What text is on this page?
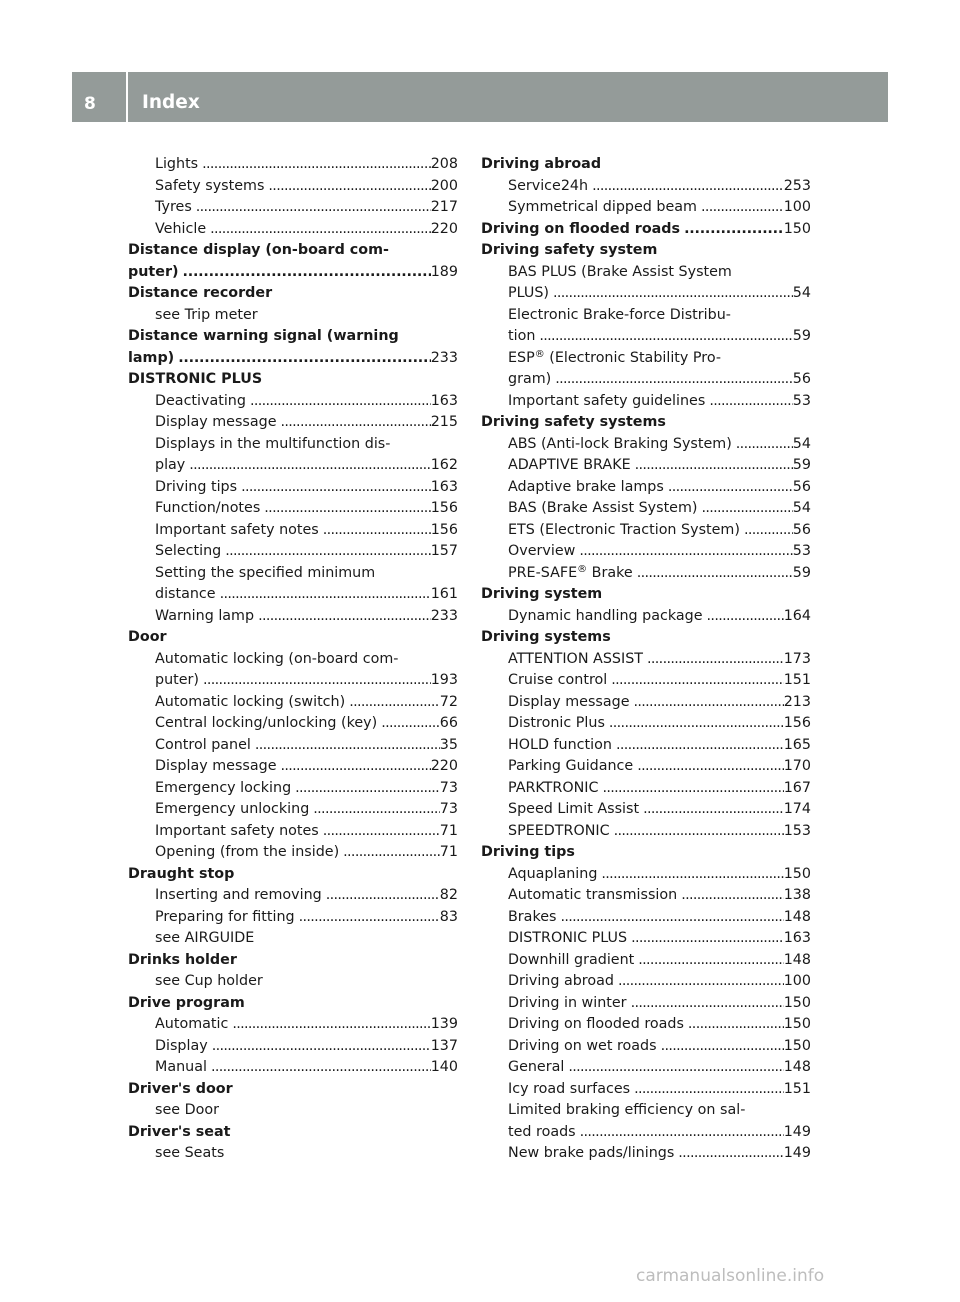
8	Index
Lights . . .	208
Safety systems . . .	200
Tyres . . .	217
Vehicle . . .	220
Distance display (on-board com-
puter) . . .	189
Distance recorder
see Trip meter
Distance warning signal (warning
lamp) . . .	233
DISTRONIC PLUS
Deactivating . . .	163
Display message . . .	215
Displays in the multifunction dis-
play . . .	162
Driving tips . . .	163
Function/notes . . .	156
Important safety notes . . .	156
Selecting . . .	157
Setting the specified minimum
distance . . .	161
Warning lamp . . .	233
Door
Automatic locking (on-board com-
puter) . . .	193
Automatic locking (switch) . . .	72
Central locking/unlocking (key) . . .	66
Control panel . . .	35
Display message . . .	220
Emergency locking . . .	73
Emergency unlocking . . .	73
Important safety notes . . .	71
Opening (from the inside) . . .	71
Draught stop
Inserting and removing . . .	82
Preparing for fitting . . .	83
see AIRGUIDE
Drinks holder
see Cup holder
Drive program
Automatic . . .	139
Display . . .	137
Manual . . .	140
Driver's door
see Door
Driver's seat
see Seats
Driving abroad
Service24h . . .	253
Symmetrical dipped beam . . .	100
Driving on flooded roads . . .	150
Driving safety system
BAS PLUS (Brake Assist System
PLUS) . . .	54
Electronic Brake-force Distribu-
tion . . .	59
ESP® (Electronic Stability Pro-
gram) . . .	56
Important safety guidelines . . .	53
Driving safety systems
ABS (Anti-lock Braking System) . . .	54
ADAPTIVE BRAKE . . .	59
Adaptive brake lamps . . .	56
BAS (Brake Assist System) . . .	54
ETS (Electronic Traction System) . . .	56
Overview . . .	53
PRE-SAFE® Brake . . .	59
Driving system
Dynamic handling package . . .	164
Driving systems
ATTENTION ASSIST . . .	173
Cruise control . . .	151
Display message . . .	213
Distronic Plus . . .	156
HOLD function . . .	165
Parking Guidance . . .	170
PARKTRONIC . . .	167
Speed Limit Assist . . .	174
SPEEDTRONIC . . .	153
Driving tips
Aquaplaning . . .	150
Automatic transmission . . .	138
Brakes . . .	148
DISTRONIC PLUS . . .	163
Downhill gradient . . .	148
Driving abroad . . .	100
Driving in winter . . .	150
Driving on flooded roads . . .	150
Driving on wet roads . . .	150
General . . .	148
Icy road surfaces . . .	151
Limited braking efficiency on sal-
ted roads . . .	149
New brake pads/linings . . .	149
carmanualsonline.info
